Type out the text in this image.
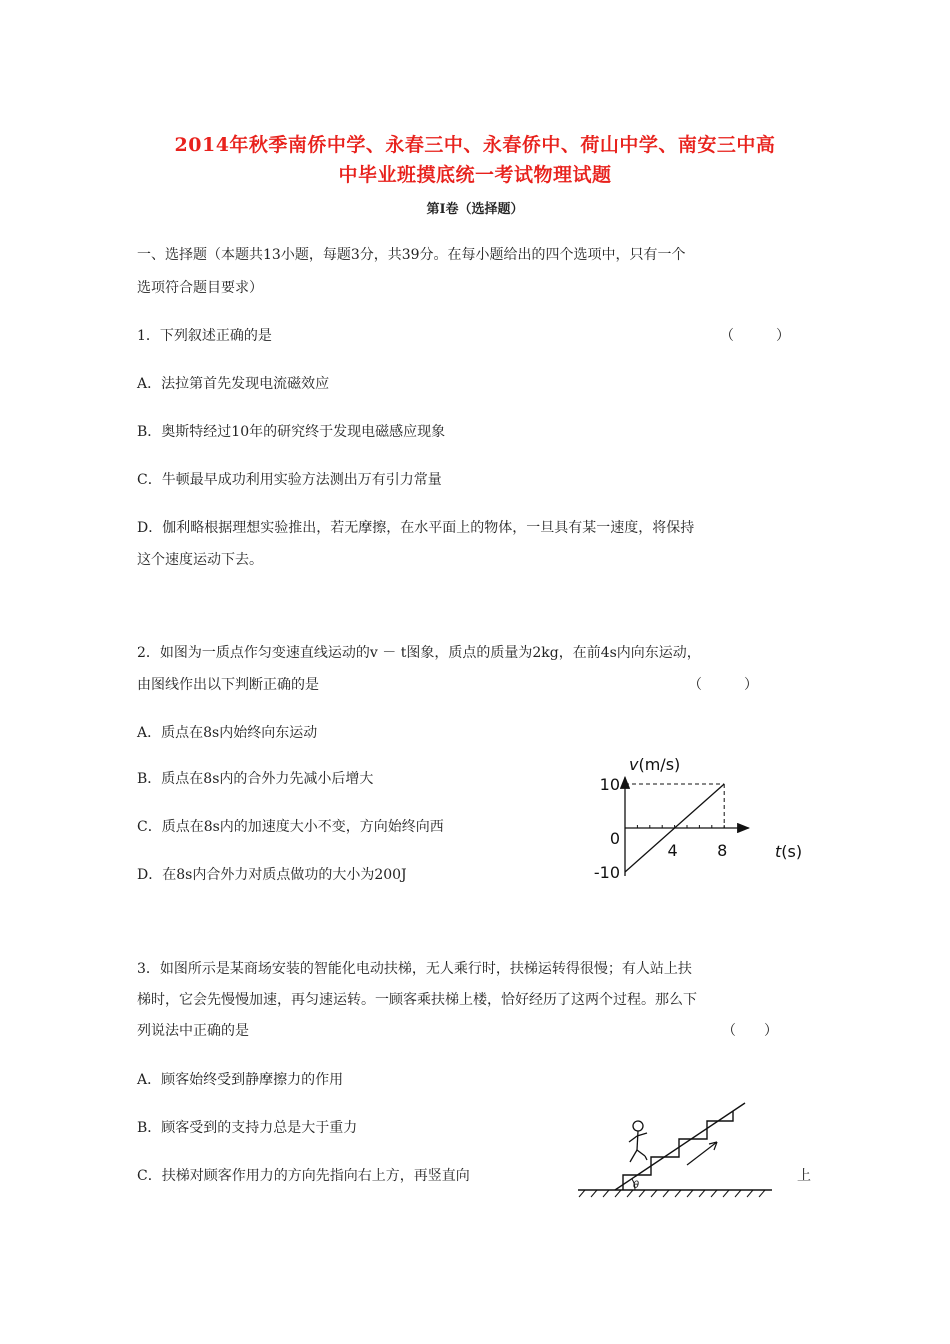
2014年秋季南侨中学、永春三中、永春侨中、荷山中学、南安三中高
中毕业班摸底统一考试物理试题
第Ⅰ卷（选择题）
一、选择题（本题共13小题，每题3分，共39分。在每小题给出的四个选项中，只有一个
选项符合题目要求）
1．下列叙述正确的是	（　　　）
A．法拉第首先发现电流磁效应
B．奥斯特经过10年的研究终于发现电磁感应现象
C．牛顿最早成功利用实验方法测出万有引力常量
D．伽利略根据理想实验推出，若无摩擦，在水平面上的物体，一旦具有某一速度，将保持
这个速度运动下去。
2．如图为一质点作匀变速直线运动的v － t图象，质点的质量为2kg，在前4s内向东运动，
由图线作出以下判断正确的是	（　　　）
A．质点在8s内始终向东运动
B．质点在8s内的合外力先减小后增大
C．质点在8s内的加速度大小不变，方向始终向西
D．在8s内合外力对质点做功的大小为200J
v(m/s)
t(s)
10
0
-10
4 8
3．如图所示是某商场安装的智能化电动扶梯，无人乘行时，扶梯运转得很慢；有人站上扶
梯时，它会先慢慢加速，再匀速运转。一顾客乘扶梯上楼，恰好经历了这两个过程。那么下
列说法中正确的是	（　　）
A．顾客始终受到静摩擦力的作用
B．顾客受到的支持力总是大于重力
C．扶梯对顾客作用力的方向先指向右上方，再竖直向	上
θ
